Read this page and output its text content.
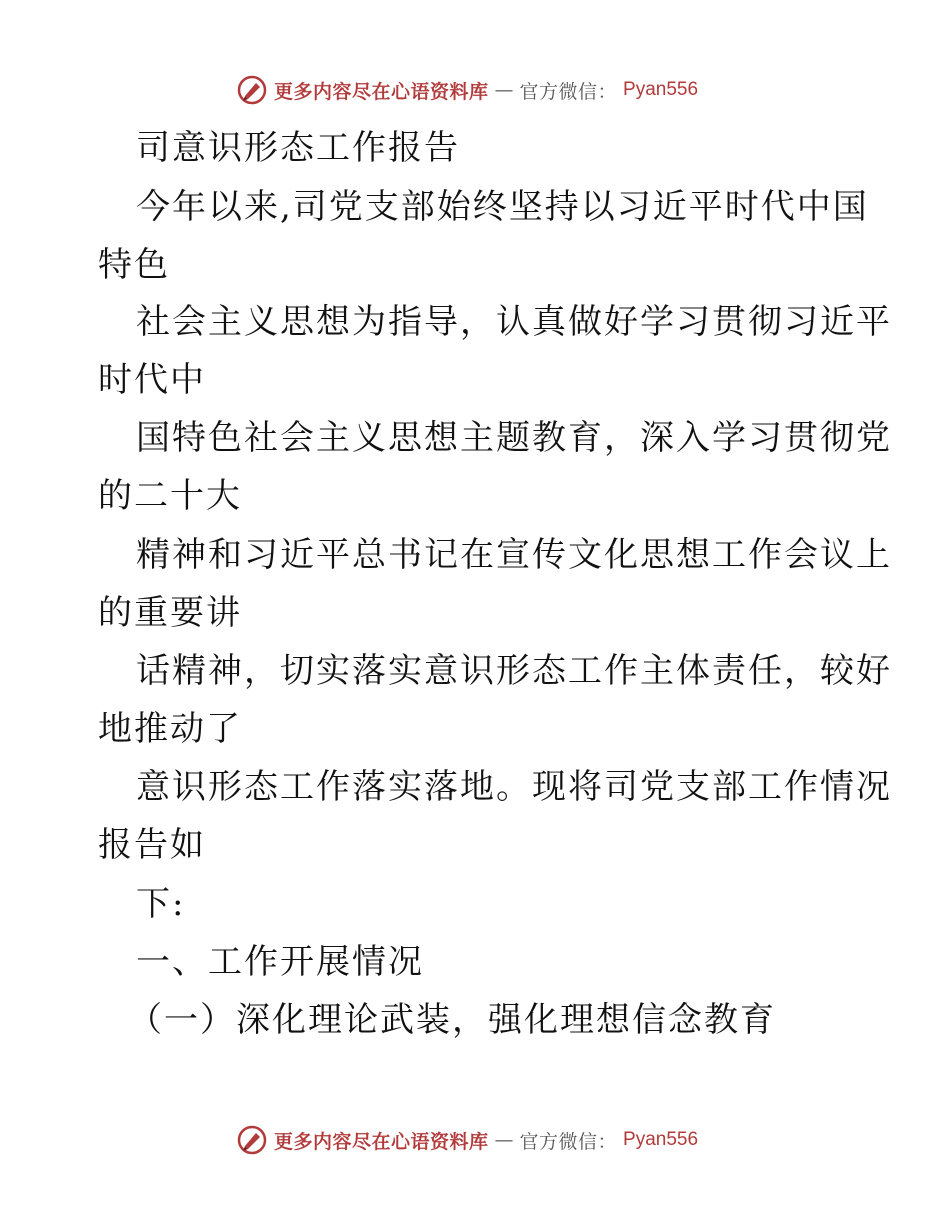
更多内容尽在心语资料库 — 官方微信： Pyan556
司意识形态工作报告
今年以来,司党支部始终坚持以习近平时代中国
特色
社会主义思想为指导，认真做好学习贯彻习近平
时代中
国特色社会主义思想主题教育，深入学习贯彻党
的二十大
精神和习近平总书记在宣传文化思想工作会议上
的重要讲
话精神，切实落实意识形态工作主体责任，较好
地推动了
意识形态工作落实落地。现将司党支部工作情况
报告如
下:
一、工作开展情况
（一）深化理论武装，强化理想信念教育
更多内容尽在心语资料库 — 官方微信： Pyan556
